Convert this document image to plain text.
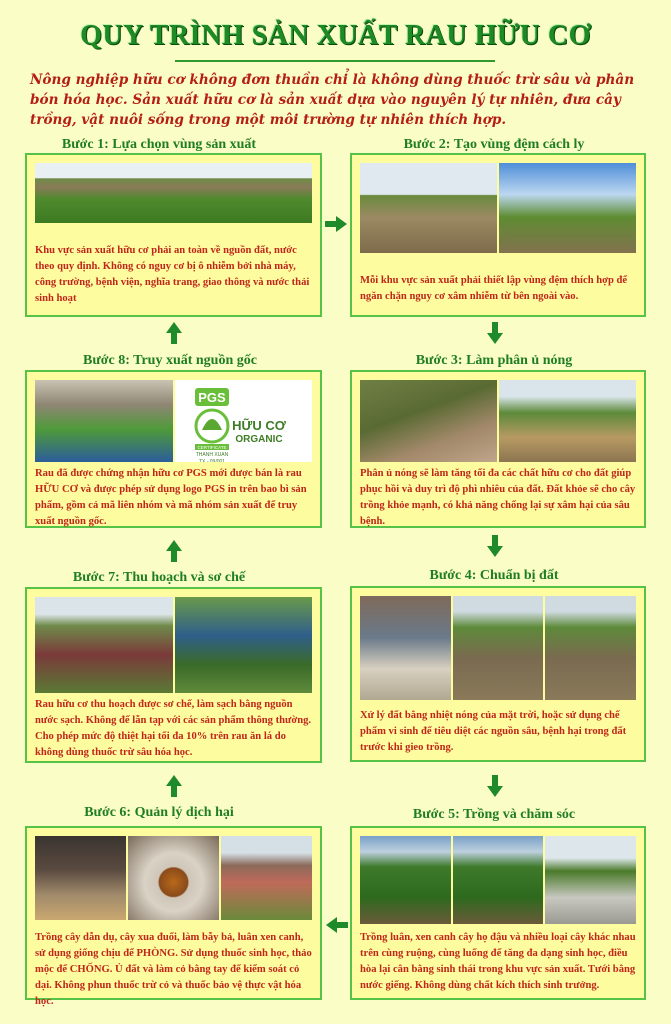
QUY TRÌNH SẢN XUẤT RAU HỮU CƠ
Nông nghiệp hữu cơ không đơn thuần chỉ là không dùng thuốc trừ sâu và phân bón hóa học. Sản xuất hữu cơ là sản xuất dựa vào nguyên lý tự nhiên, đưa cây trồng, vật nuôi sống trong một môi trường tự nhiên thích hợp.
Bước 1: Lựa chọn vùng sản xuất
Khu vực sản xuất hữu cơ phải an toàn về nguồn đất, nước theo quy định. Không có nguy cơ bị ô nhiễm bởi nhà máy, công trường, bệnh viện, nghĩa trang, giao thông và nước thải sinh hoạt
Bước 2: Tạo vùng đệm cách ly
Mỗi khu vực sản xuất phải thiết lập vùng đệm thích hợp để ngăn chặn nguy cơ xâm nhiễm từ bên ngoài vào.
Bước 8: Truy xuất nguồn gốc
PGS
CERTIFICATE
HỮU CƠ
ORGANIC
THANH XUAN
TX - 09/001
Rau đã được chứng nhận hữu cơ PGS mới được bán là rau HỮU CƠ và được phép sử dụng logo PGS in trên bao bì sản phẩm, gồm cả mã liên nhóm và mã nhóm sản xuất để truy xuất nguồn gốc.
Bước 3: Làm phân ủ nóng
Phân ủ nóng sẽ làm tăng tối đa các chất hữu cơ cho đất giúp phục hồi và duy trì độ phì nhiêu của đất. Đất khỏe sẽ cho cây trồng khỏe mạnh, có khả năng chống lại sự xâm hại của sâu bệnh.
Bước 7: Thu hoạch và sơ chế
Rau hữu cơ thu hoạch được sơ chế, làm sạch bằng nguồn nước sạch. Không để lẫn tạp với các sản phẩm thông thường. Cho phép mức độ thiệt hại tối đa 10% trên rau ăn lá do không dùng thuốc trừ sâu hóa học.
Bước 4: Chuẩn bị đất
Xử lý đất bằng nhiệt nóng của mặt trời, hoặc sử dụng chế phẩm vi sinh để tiêu diệt các nguồn sâu, bệnh hại trong đất trước khi gieo trồng.
Bước 6: Quản lý dịch hại
Trồng cây dẫn dụ, cây xua đuổi, làm bẫy bả, luân xen canh, sử dụng giống chịu để PHÒNG. Sử dụng thuốc sinh học, thảo mộc để CHỐNG. Ủ đất và làm cỏ bằng tay để kiểm soát cỏ dại. Không phun thuốc trừ cỏ và thuốc bảo vệ thực vật hóa học.
Bước 5: Trồng và chăm sóc
Trồng luân, xen canh cây họ đậu và nhiều loại cây khác nhau trên cùng ruộng, cùng luống để tăng đa dạng sinh học, điều hòa lại cân bằng sinh thái trong khu vực sản xuất. Tưới bằng nước giếng. Không dùng chất kích thích sinh trưởng.
